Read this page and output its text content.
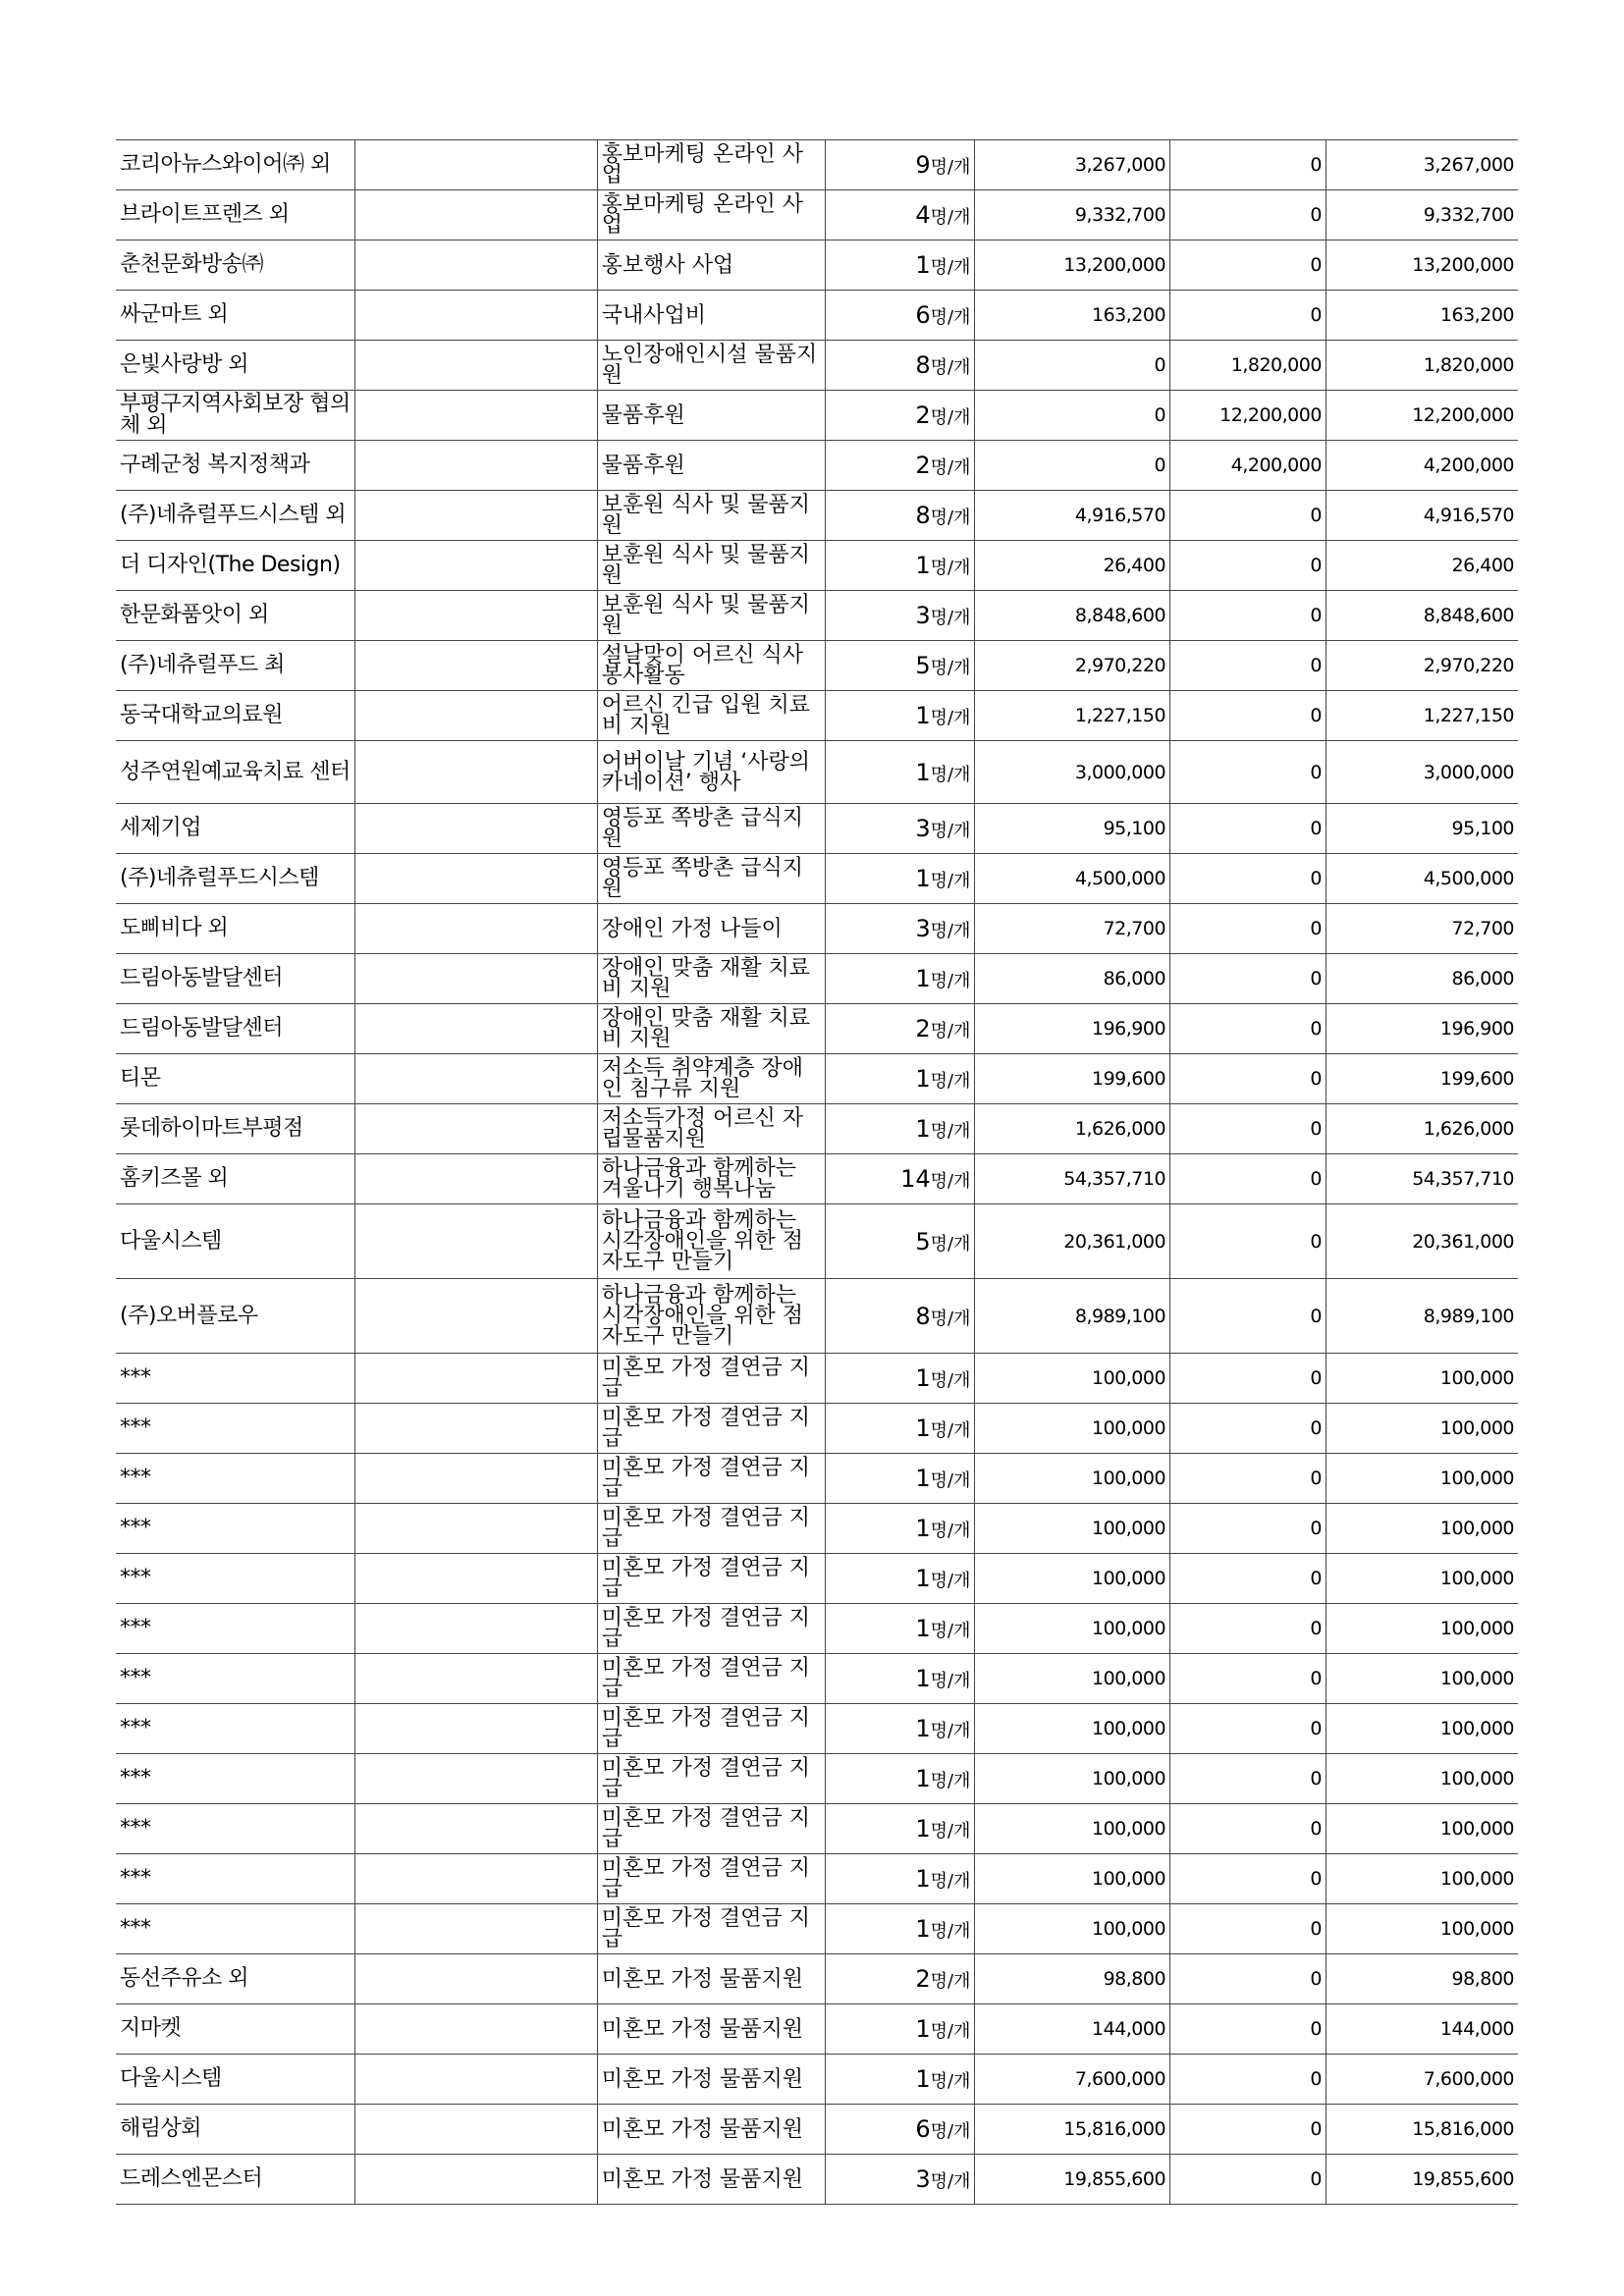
코리아뉴스와이어㈜ 외		홍보마케팅 온라인 사업	9명/개	3,267,000	0	3,267,000
브라이트프렌즈 외		홍보마케팅 온라인 사업	4명/개	9,332,700	0	9,332,700
춘천문화방송㈜		홍보행사 사업	1명/개	13,200,000	0	13,200,000
싸군마트 외		국내사업비	6명/개	163,200	0	163,200
은빛사랑방 외		노인장애인시설 물품지원	8명/개	0	1,820,000	1,820,000
부평구지역사회보장 협의체 외		물품후원	2명/개	0	12,200,000	12,200,000
구례군청 복지정책과		물품후원	2명/개	0	4,200,000	4,200,000
(주)네츄럴푸드시스템 외		보훈원 식사 및 물품지원	8명/개	4,916,570	0	4,916,570
더 디자인(The Design)		보훈원 식사 및 물품지원	1명/개	26,400	0	26,400
한문화품앗이 외		보훈원 식사 및 물품지원	3명/개	8,848,600	0	8,848,600
(주)네츄럴푸드 최		설날맞이 어르신 식사봉사활동	5명/개	2,970,220	0	2,970,220
동국대학교의료원		어르신 긴급 입원 치료비 지원	1명/개	1,227,150	0	1,227,150
성주연원예교육치료 센터		어버이날 기념 ‘사랑의카네이션’ 행사	1명/개	3,000,000	0	3,000,000
세제기업		영등포 쪽방촌 급식지원	3명/개	95,100	0	95,100
(주)네츄럴푸드시스템		영등포 쪽방촌 급식지원	1명/개	4,500,000	0	4,500,000
도삐비다 외		장애인 가정 나들이	3명/개	72,700	0	72,700
드림아동발달센터		장애인 맞춤 재활 치료비 지원	1명/개	86,000	0	86,000
드림아동발달센터		장애인 맞춤 재활 치료비 지원	2명/개	196,900	0	196,900
티몬		저소득 취약계층 장애인 침구류 지원	1명/개	199,600	0	199,600
롯데하이마트부평점		저소득가정 어르신 자립물품지원	1명/개	1,626,000	0	1,626,000
홈키즈몰 외		하나금융과 함께하는 겨울나기 행복나눔	14명/개	54,357,710	0	54,357,710
다울시스템		하나금융과 함께하는 시각장애인을 위한 점자도구 만들기	5명/개	20,361,000	0	20,361,000
(주)오버플로우		하나금융과 함께하는 시각장애인을 위한 점자도구 만들기	8명/개	8,989,100	0	8,989,100
***		미혼모 가정 결연금 지급	1명/개	100,000	0	100,000
***		미혼모 가정 결연금 지급	1명/개	100,000	0	100,000
***		미혼모 가정 결연금 지급	1명/개	100,000	0	100,000
***		미혼모 가정 결연금 지급	1명/개	100,000	0	100,000
***		미혼모 가정 결연금 지급	1명/개	100,000	0	100,000
***		미혼모 가정 결연금 지급	1명/개	100,000	0	100,000
***		미혼모 가정 결연금 지급	1명/개	100,000	0	100,000
***		미혼모 가정 결연금 지급	1명/개	100,000	0	100,000
***		미혼모 가정 결연금 지급	1명/개	100,000	0	100,000
***		미혼모 가정 결연금 지급	1명/개	100,000	0	100,000
***		미혼모 가정 결연금 지급	1명/개	100,000	0	100,000
***		미혼모 가정 결연금 지급	1명/개	100,000	0	100,000
동선주유소 외		미혼모 가정 물품지원	2명/개	98,800	0	98,800
지마켓		미혼모 가정 물품지원	1명/개	144,000	0	144,000
다울시스템		미혼모 가정 물품지원	1명/개	7,600,000	0	7,600,000
해림상회		미혼모 가정 물품지원	6명/개	15,816,000	0	15,816,000
드레스엔몬스터		미혼모 가정 물품지원	3명/개	19,855,600	0	19,855,600
